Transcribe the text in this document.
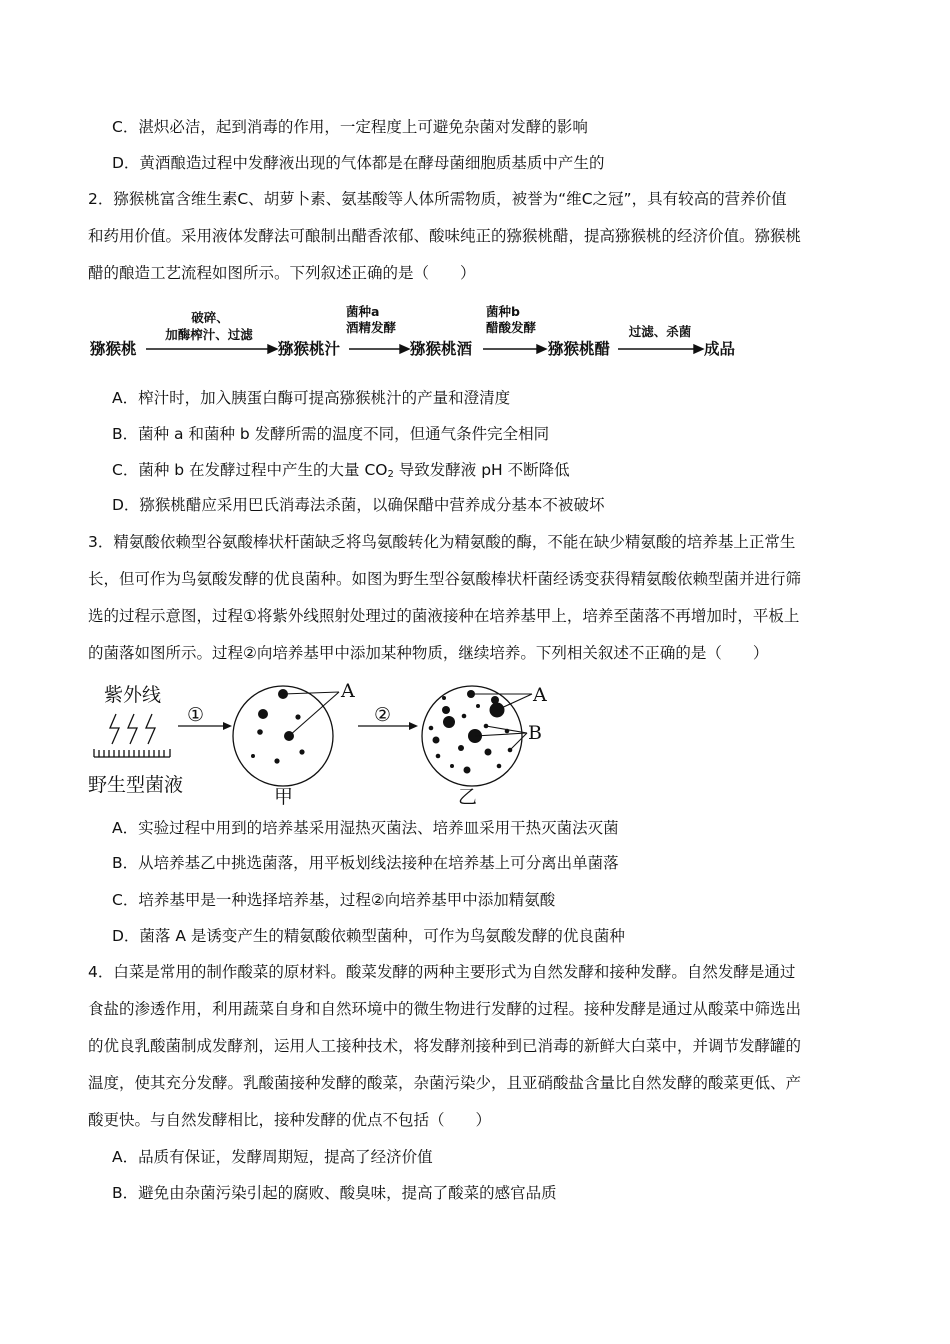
C．湛炽必洁，起到消毒的作用，一定程度上可避免杂菌对发酵的影响
D．黄酒酿造过程中发酵液出现的气体都是在酵母菌细胞质基质中产生的
2．猕猴桃富含维生素C、胡萝卜素、氨基酸等人体所需物质，被誉为“维C之冠”，具有较高的营养价值
和药用价值。采用液体发酵法可酿制出醋香浓郁、酸味纯正的猕猴桃醋，提高猕猴桃的经济价值。猕猴桃
醋的酿造工艺流程如图所示。下列叙述正确的是（　　）
猕猴桃	猕猴桃汁	猕猴桃酒	猕猴桃醋	成品
破碎、
加酶榨汁、过滤
菌种a
酒精发酵
菌种b
醋酸发酵	过滤、杀菌
A．榨汁时，加入胰蛋白酶可提高猕猴桃汁的产量和澄清度
B．菌种 a 和菌种 b 发酵所需的温度不同，但通气条件完全相同
C．菌种 b 在发酵过程中产生的大量 $CO_2$ 导致发酵液 pH 不断降低
D．猕猴桃醋应采用巴氏消毒法杀菌，以确保醋中营养成分基本不被破坏
3．精氨酸依赖型谷氨酸棒状杆菌缺乏将鸟氨酸转化为精氨酸的酶，不能在缺少精氨酸的培养基上正常生
长，但可作为鸟氨酸发酵的优良菌种。如图为野生型谷氨酸棒状杆菌经诱变获得精氨酸依赖型菌并进行筛
选的过程示意图，过程①将紫外线照射处理过的菌液接种在培养基甲上，培养至菌落不再增加时，平板上
的菌落如图所示。过程②向培养基甲中添加某种物质，继续培养。下列相关叙述不正确的是（　　）
紫外线
野生型菌液
①	②
A	A
B
甲	乙
A．实验过程中用到的培养基采用湿热灭菌法、培养皿采用干热灭菌法灭菌
B．从培养基乙中挑选菌落，用平板划线法接种在培养基上可分离出单菌落
C．培养基甲是一种选择培养基，过程②向培养基甲中添加精氨酸
D．菌落 A 是诱变产生的精氨酸依赖型菌种，可作为鸟氨酸发酵的优良菌种
4．白菜是常用的制作酸菜的原材料。酸菜发酵的两种主要形式为自然发酵和接种发酵。自然发酵是通过
食盐的渗透作用，利用蔬菜自身和自然环境中的微生物进行发酵的过程。接种发酵是通过从酸菜中筛选出
的优良乳酸菌制成发酵剂，运用人工接种技术，将发酵剂接种到已消毒的新鲜大白菜中，并调节发酵罐的
温度，使其充分发酵。乳酸菌接种发酵的酸菜，杂菌污染少，且亚硝酸盐含量比自然发酵的酸菜更低、产
酸更快。与自然发酵相比，接种发酵的优点不包括（　　）
A．品质有保证，发酵周期短，提高了经济价值
B．避免由杂菌污染引起的腐败、酸臭味，提高了酸菜的感官品质
